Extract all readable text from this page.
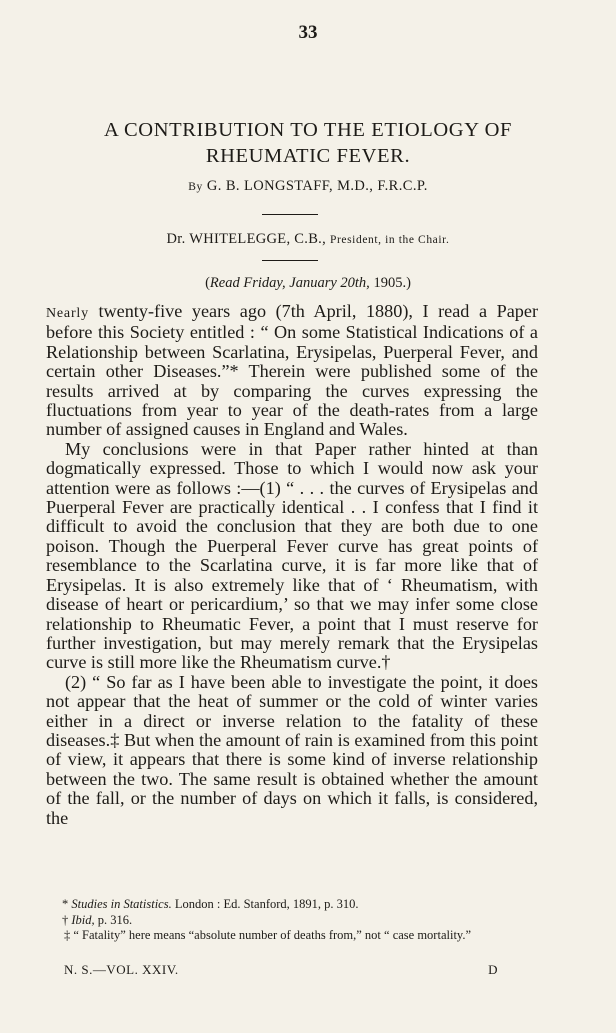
33
A CONTRIBUTION TO THE ETIOLOGY OF
RHEUMATIC FEVER.
By G. B. LONGSTAFF, M.D., F.R.C.P.
Dr. WHITELEGGE, C.B., President, in the Chair.
(Read Friday, January 20th, 1905.)

Nearly twenty-five years ago (7th April, 1880), I read a Paper before this Society entitled : “ On some Statistical Indications of a Relationship between Scarlatina, Erysipelas, Puerperal Fever, and certain other Diseases.”* Therein were published some of the results arrived at by comparing the curves expressing the fluctuations from year to year of the death-rates from a large number of assigned causes in England and Wales.

My conclusions were in that Paper rather hinted at than dogmatically expressed. Those to which I would now ask your attention were as follows :—(1) “ . . . the curves of Erysipelas and Puerperal Fever are practically identical . . I confess that I find it difficult to avoid the conclusion that they are both due to one poison. Though the Puerperal Fever curve has great points of resemblance to the Scarlatina curve, it is far more like that of Erysipelas. It is also extremely like that of ‘ Rheumatism, with disease of heart or pericardium,’ so that we may infer some close relationship to Rheumatic Fever, a point that I must reserve for further investigation, but may merely remark that the Erysipelas curve is still more like the Rheumatism curve.†

(2) “ So far as I have been able to investigate the point, it does not appear that the heat of summer or the cold of winter varies either in a direct or inverse relation to the fatality of these diseases.‡ But when the amount of rain is examined from this point of view, it appears that there is some kind of inverse relationship between the two. The same result is obtained whether the amount of the fall, or the number of days on which it falls, is considered, the

* Studies in Statistics. London : Ed. Stanford, 1891, p. 310.

† Ibid, p. 316.

‡ “ Fatality” here means “absolute number of deaths from,” not “ case mortality.”

N. S.—VOL. XXIV.	D
